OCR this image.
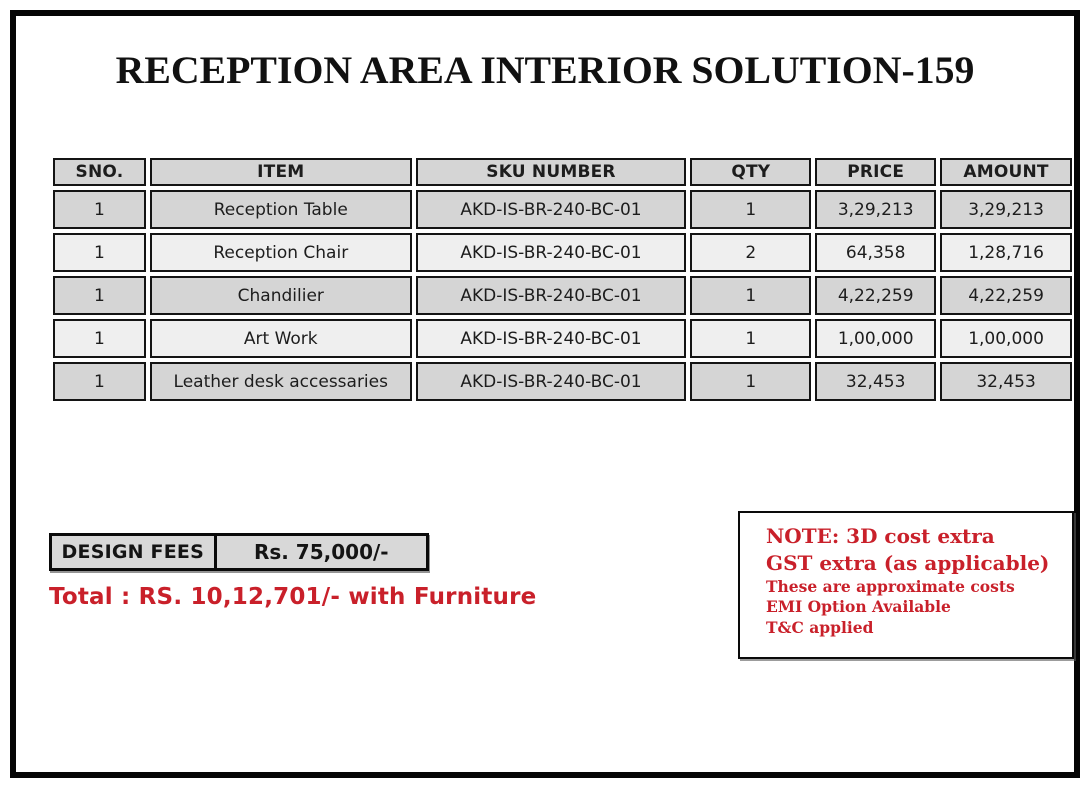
RECEPTION AREA INTERIOR SOLUTION-159
SNO.	ITEM	SKU NUMBER	QTY	PRICE	AMOUNT
1	Reception Table	AKD-IS-BR-240-BC-01	1	3,29,213	3,29,213
1	Reception Chair	AKD-IS-BR-240-BC-01	2	64,358	1,28,716
1	Chandilier	AKD-IS-BR-240-BC-01	1	4,22,259	4,22,259
1	Art Work	AKD-IS-BR-240-BC-01	1	1,00,000	1,00,000
1	Leather desk accessaries	AKD-IS-BR-240-BC-01	1	32,453	32,453
DESIGN FEES	Rs. 75,000/-
Total : RS. 10,12,701/- with Furniture
NOTE: 3D cost extra
GST extra (as applicable)
These are approximate costs
EMI Option Available
T&C applied
